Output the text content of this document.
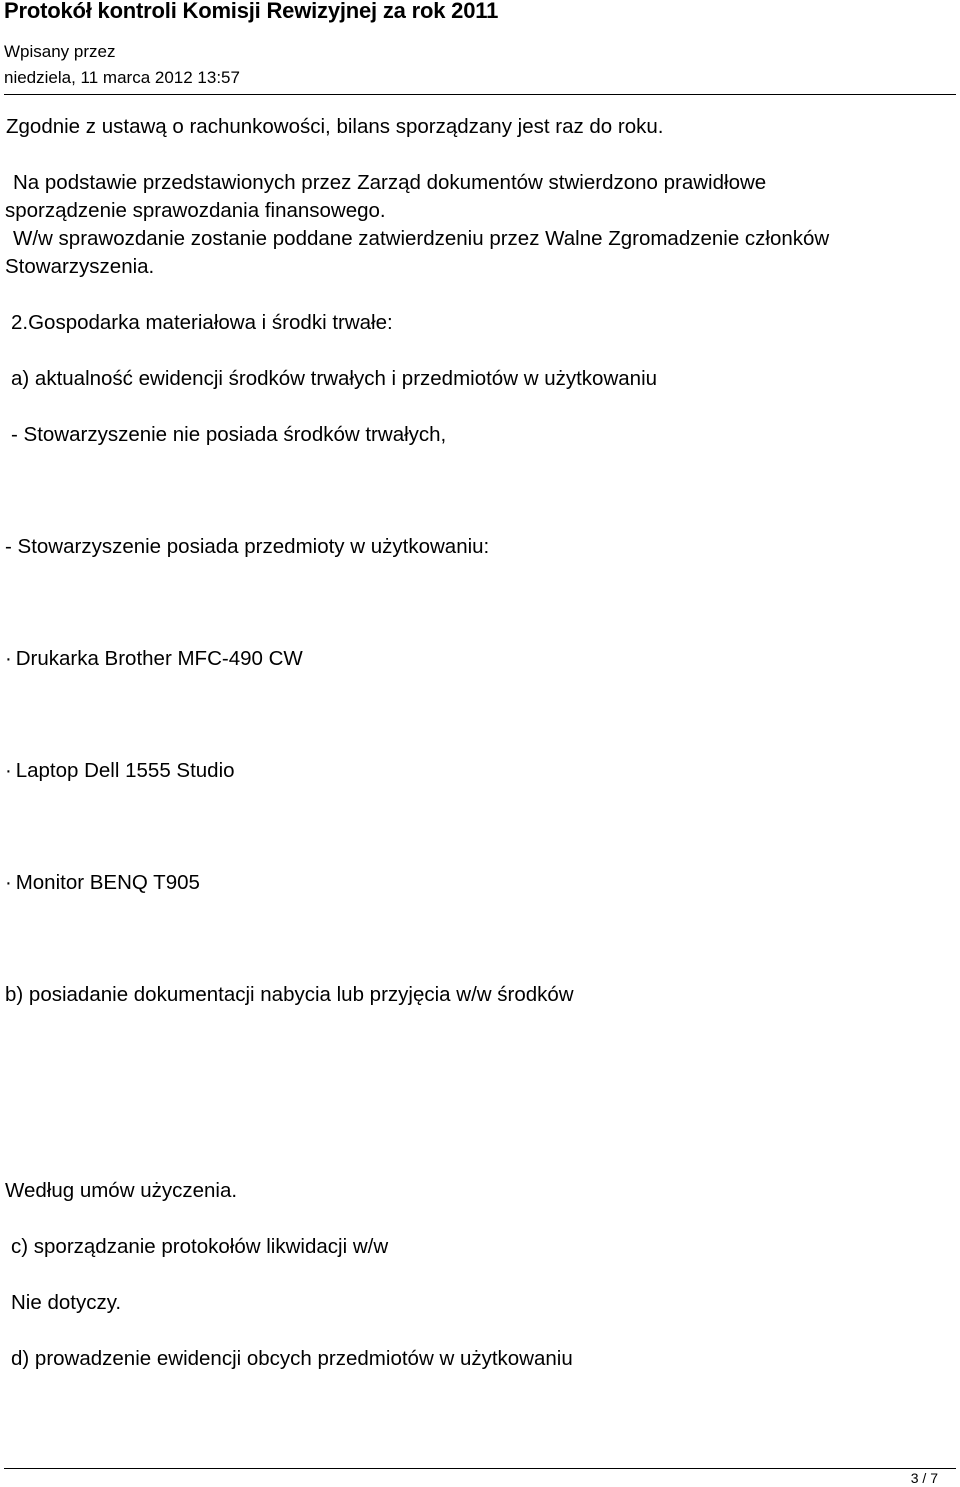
Protokół kontroli Komisji Rewizyjnej za rok 2011
Wpisany przez
niedziela, 11 marca 2012 13:57
Zgodnie z ustawą o rachunkowości, bilans sporządzany jest raz do roku.
Na podstawie przedstawionych przez Zarząd dokumentów stwierdzono prawidłowe
sporządzenie sprawozdania finansowego.
W/w sprawozdanie zostanie poddane zatwierdzeniu przez Walne Zgromadzenie członków
Stowarzyszenia.
2.Gospodarka materiałowa i środki trwałe:
a) aktualność ewidencji środków trwałych i przedmiotów w użytkowaniu
- Stowarzyszenie nie posiada środków trwałych,
- Stowarzyszenie posiada przedmioty w użytkowaniu:
· Drukarka Brother MFC-490 CW
· Laptop Dell 1555 Studio
· Monitor BENQ T905
b) posiadanie dokumentacji nabycia lub przyjęcia w/w środków
Według umów użyczenia.
c) sporządzanie protokołów likwidacji w/w
Nie dotyczy.
d) prowadzenie ewidencji obcych przedmiotów w użytkowaniu
3 / 7
